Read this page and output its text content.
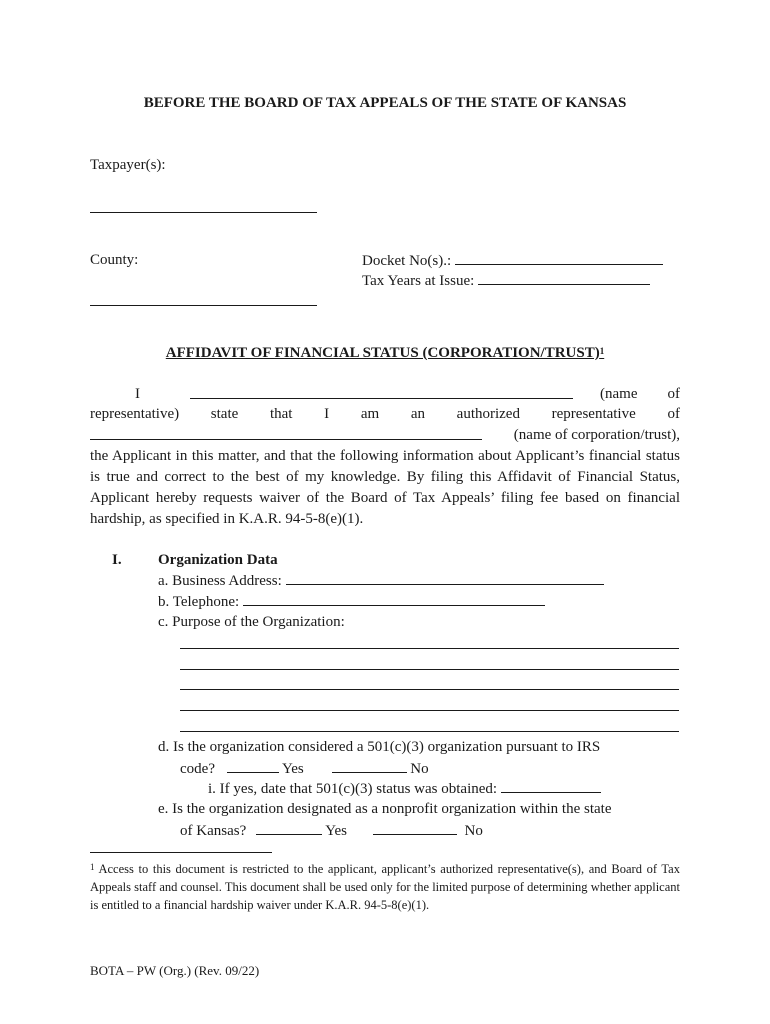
BEFORE THE BOARD OF TAX APPEALS OF THE STATE OF KANSAS
Taxpayer(s):
County:	Docket No(s).:
Tax Years at Issue:
AFFIDAVIT OF FINANCIAL STATUS (CORPORATION/TRUST)$^1$
I	(name of
representative) state that I am an authorized representative of
(name of corporation/trust),
the Applicant in this matter, and that the following information about Applicant’s financial status is true and correct to the best of my knowledge. By filing this Affidavit of Financial Status, Applicant hereby requests waiver of the Board of Tax Appeals’ filing fee based on financial hardship, as specified in K.A.R. 94-5-8(e)(1).
I. Organization Data
a. Business Address:
b. Telephone:
c. Purpose of the Organization:
d. Is the organization considered a 501(c)(3) organization pursuant to IRS
code?	Yes	No
i. If yes, date that 501(c)(3) status was obtained:
e. Is the organization designated as a nonprofit organization within the state
of Kansas?	Yes	No
$^1$ Access to this document is restricted to the applicant, applicant’s authorized representative(s), and Board of Tax Appeals staff and counsel. This document shall be used only for the limited purpose of determining whether applicant is entitled to a financial hardship waiver under K.A.R. 94-5-8(e)(1).
BOTA – PW (Org.) (Rev. 09/22)
